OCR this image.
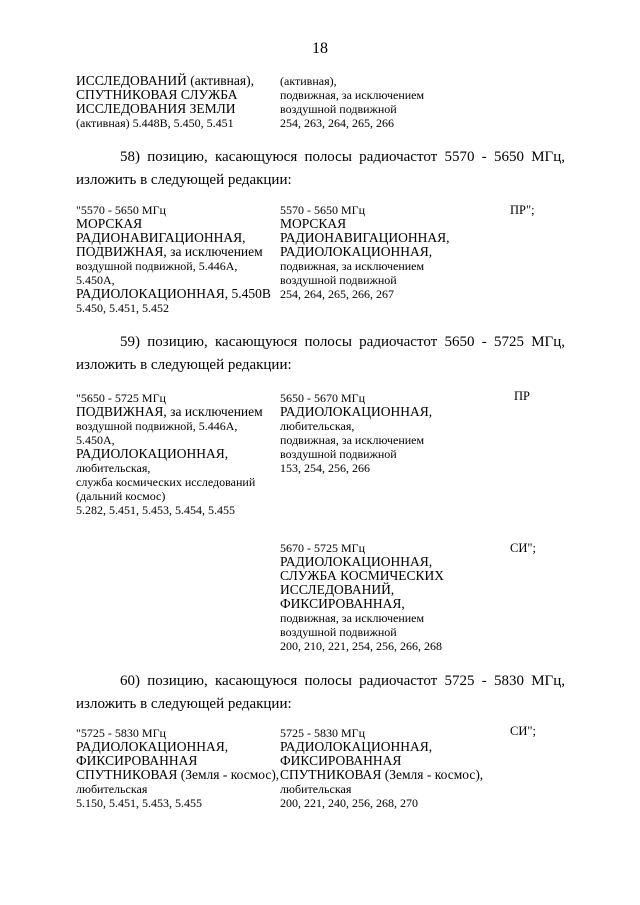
18
ИССЛЕДОВАНИЙ (активная),
СПУТНИКОВАЯ СЛУЖБА
ИССЛЕДОВАНИЯ ЗЕМЛИ
(активная) 5.448B, 5.450, 5.451
(активная),
подвижная, за исключением
воздушной подвижной
254, 263, 264, 265, 266
58) позицию, касающуюся полосы радиочастот 5570 - 5650 МГц,
изложить в следующей редакции:
"5570 - 5650 МГц
МОРСКАЯ
РАДИОНАВИГАЦИОННАЯ,
ПОДВИЖНАЯ, за исключением
воздушной подвижной, 5.446А,
5.450А,
РАДИОЛОКАЦИОННАЯ, 5.450B
5.450, 5.451, 5.452
5570 - 5650 МГц
МОРСКАЯ
РАДИОНАВИГАЦИОННАЯ,
РАДИОЛОКАЦИОННАЯ,
подвижная, за исключением
воздушной подвижной
254, 264, 265, 266, 267
ПР";
59) позицию, касающуюся полосы радиочастот 5650 - 5725 МГц,
изложить в следующей редакции:
"5650 - 5725 МГц
ПОДВИЖНАЯ, за исключением
воздушной подвижной, 5.446А,
5.450А,
РАДИОЛОКАЦИОННАЯ,
любительская,
служба космических исследований
(дальний космос)
5.282, 5.451, 5.453, 5.454, 5.455
5650 - 5670 МГц
РАДИОЛОКАЦИОННАЯ,
любительская,
подвижная, за исключением
воздушной подвижной
153, 254, 256, 266
ПР
5670 - 5725 МГц
РАДИОЛОКАЦИОННАЯ,
СЛУЖБА КОСМИЧЕСКИХ
ИССЛЕДОВАНИЙ,
ФИКСИРОВАННАЯ,
подвижная, за исключением
воздушной подвижной
200, 210, 221, 254, 256, 266, 268
СИ";
60) позицию, касающуюся полосы радиочастот 5725 - 5830 МГц,
изложить в следующей редакции:
"5725 - 5830 МГц
РАДИОЛОКАЦИОННАЯ,
ФИКСИРОВАННАЯ
СПУТНИКОВАЯ (Земля - космос),
любительская
5.150, 5.451, 5.453, 5.455
5725 - 5830 МГц
РАДИОЛОКАЦИОННАЯ,
ФИКСИРОВАННАЯ
СПУТНИКОВАЯ (Земля - космос),
любительская
200, 221, 240, 256, 268, 270
СИ";
